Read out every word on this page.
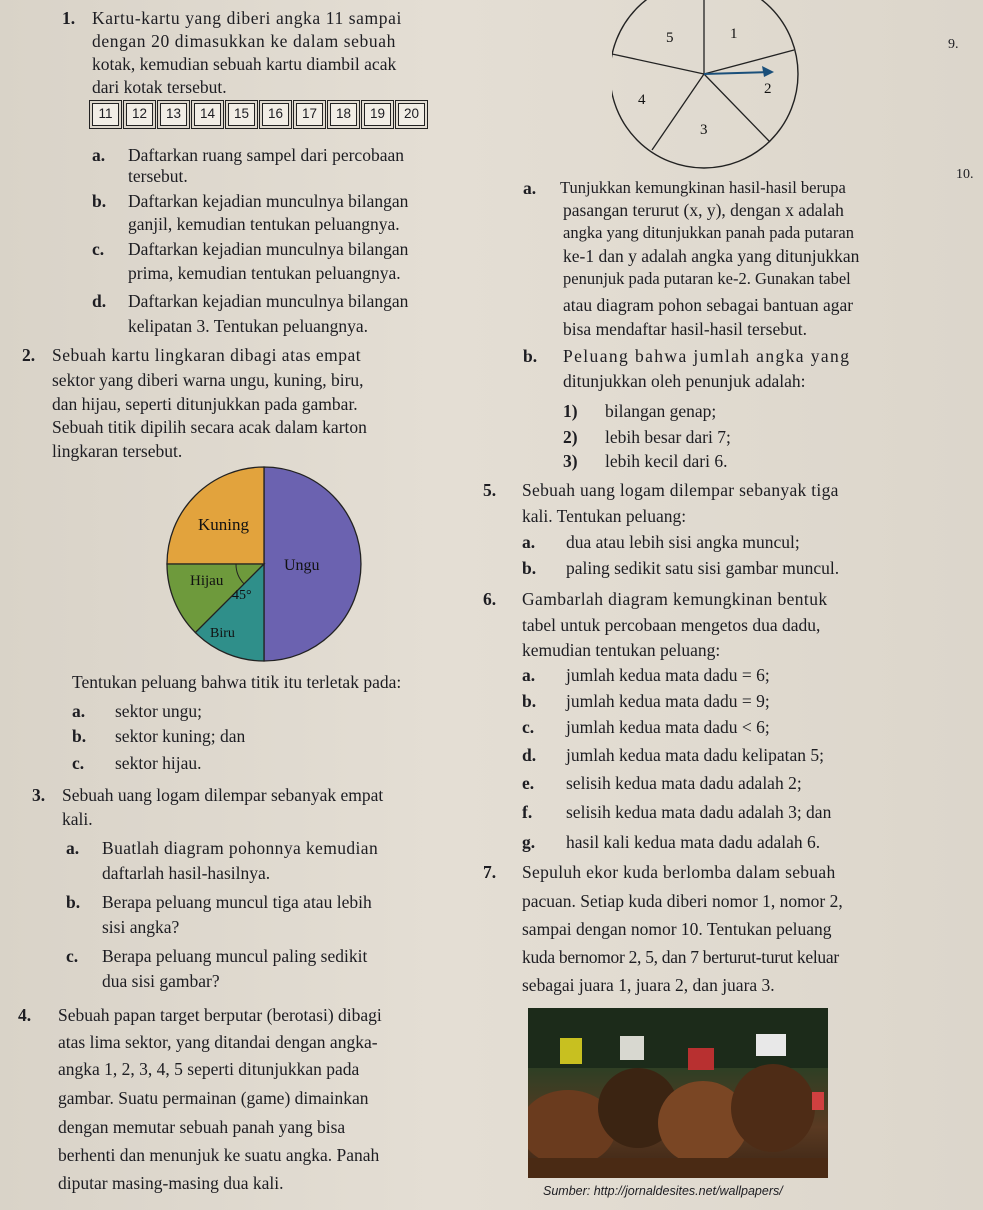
1. Kartu-kartu yang diberi angka 11 sampai
dengan 20 dimasukkan ke dalam sebuah
kotak, kemudian sebuah kartu diambil acak
dari kotak tersebut.
11	12	13	14	15	16	17	18	19	20
a. Daftarkan ruang sampel dari percobaan
tersebut.
b. Daftarkan kejadian munculnya bilangan
ganjil, kemudian tentukan peluangnya.
c. Daftarkan kejadian munculnya bilangan
prima, kemudian tentukan peluangnya.
d. Daftarkan kejadian munculnya bilangan
kelipatan 3. Tentukan peluangnya.
2. Sebuah kartu lingkaran dibagi atas empat
sektor yang diberi warna ungu, kuning, biru,
dan hijau, seperti ditunjukkan pada gambar.
Sebuah titik dipilih secara acak dalam karton
lingkaran tersebut.
Kuning
Ungu
Hijau
45°
Biru
Tentukan peluang bahwa titik itu terletak pada:
a. sektor ungu;
b. sektor kuning; dan
c. sektor hijau.
3. Sebuah uang logam dilempar sebanyak empat
kali.
a. Buatlah diagram pohonnya kemudian
daftarlah hasil-hasilnya.
b. Berapa peluang muncul tiga atau lebih
sisi angka?
c. Berapa peluang muncul paling sedikit
dua sisi gambar?
4. Sebuah papan target berputar (berotasi) dibagi
atas lima sektor, yang ditandai dengan angka-
angka 1, 2, 3, 4, 5 seperti ditunjukkan pada
gambar. Suatu permainan (game) dimainkan
dengan memutar sebuah panah yang bisa
berhenti dan menunjuk ke suatu angka. Panah
diputar masing-masing dua kali.
5	1
2
4
3
9.
10.
a. Tunjukkan kemungkinan hasil-hasil berupa
pasangan terurut (x, y), dengan x adalah
angka yang ditunjukkan panah pada putaran
ke-1 dan y adalah angka yang ditunjukkan
penunjuk pada putaran ke-2. Gunakan tabel
atau diagram pohon sebagai bantuan agar
bisa mendaftar hasil-hasil tersebut.
b. Peluang bahwa jumlah angka yang
ditunjukkan oleh penunjuk adalah:
1) bilangan genap;
2) lebih besar dari 7;
3) lebih kecil dari 6.
5. Sebuah uang logam dilempar sebanyak tiga
kali. Tentukan peluang:
a. dua atau lebih sisi angka muncul;
b. paling sedikit satu sisi gambar muncul.
6. Gambarlah diagram kemungkinan bentuk
tabel untuk percobaan mengetos dua dadu,
kemudian tentukan peluang:
a. jumlah kedua mata dadu = 6;
b. jumlah kedua mata dadu = 9;
c. jumlah kedua mata dadu < 6;
d. jumlah kedua mata dadu kelipatan 5;
e. selisih kedua mata dadu adalah 2;
f. selisih kedua mata dadu adalah 3; dan
g. hasil kali kedua mata dadu adalah 6.
7. Sepuluh ekor kuda berlomba dalam sebuah
pacuan. Setiap kuda diberi nomor 1, nomor 2,
sampai dengan nomor 10. Tentukan peluang
kuda bernomor 2, 5, dan 7 berturut-turut keluar
sebagai juara 1, juara 2, dan juara 3.
Sumber: http://jornaldesites.net/wallpapers/
